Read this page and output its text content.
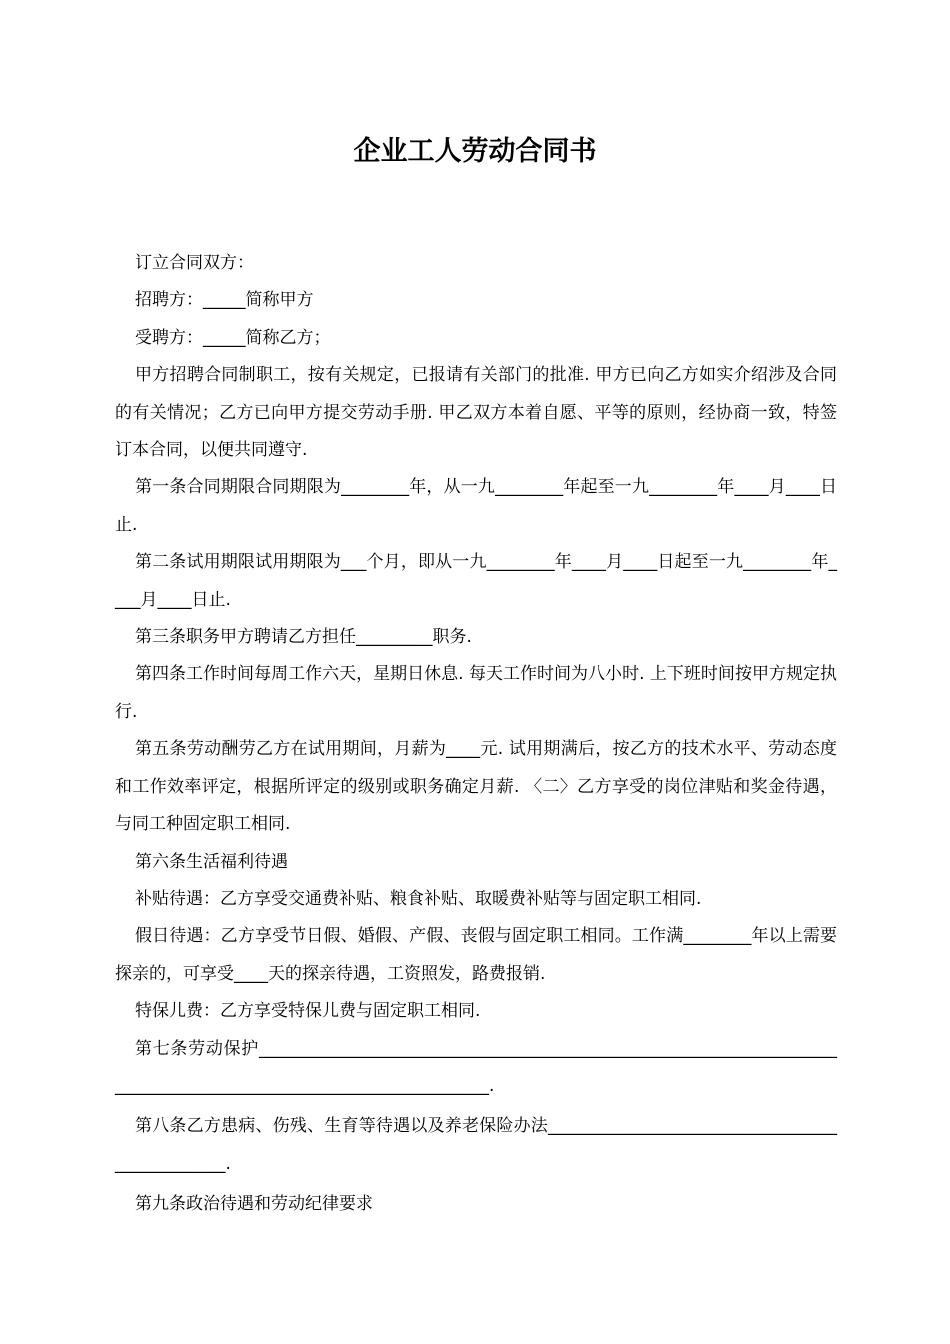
企业工人劳动合同书

订立合同双方：

招聘方：_____简称甲方

受聘方：_____简称乙方；

甲方招聘合同制职工，按有关规定，已报请有关部门的批准. 甲方已向乙方如实介绍涉及合同的有关情况；乙方已向甲方提交劳动手册. 甲乙双方本着自愿、平等的原则，经协商一致，特签订本合同，以便共同遵守.

第一条合同期限合同期限为________年，从一九________年起至一九________年____月____日止.

第二条试用期限试用期限为___个月，即从一九________年____月____日起至一九________年____月____日止.

第三条职务甲方聘请乙方担任_________职务.

第四条工作时间每周工作六天，星期日休息. 每天工作时间为八小时. 上下班时间按甲方规定执行.

第五条劳动酬劳乙方在试用期间，月薪为____元. 试用期满后，按乙方的技术水平、劳动态度和工作效率评定，根据所评定的级别或职务确定月薪. 〈二〉乙方享受的岗位津贴和奖金待遇，与同工种固定职工相同.

第六条生活福利待遇

补贴待遇：乙方享受交通费补贴、粮食补贴、取暖费补贴等与固定职工相同.

假日待遇：乙方享受节日假、婚假、产假、丧假与固定职工相同。工作满________年以上需要探亲的，可享受____天的探亲待遇，工资照发，路费报销.

特保儿费：乙方享受特保儿费与固定职工相同.

第七条劳动保护________________________________________________________________________________________________________________.

第八条乙方患病、伤残、生育等待遇以及养老保险办法_______________________________________________.

第九条政治待遇和劳动纪律要求
